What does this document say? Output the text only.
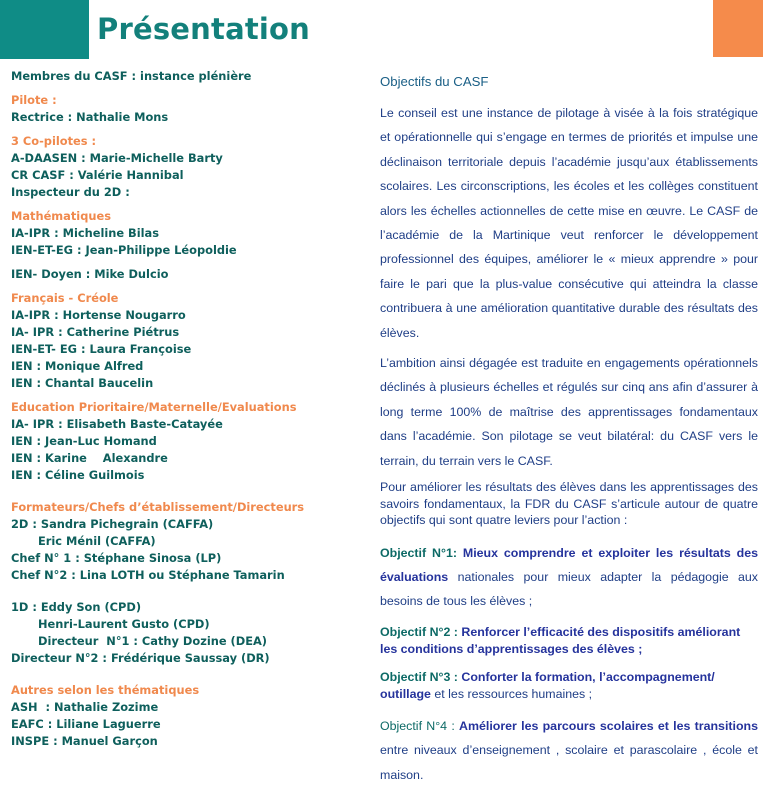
Présentation
Membres du CASF : instance plénière
Pilote :
Rectrice : Nathalie Mons
3 Co-pilotes :
A-DAASEN : Marie-Michelle Barty
CR CASF : Valérie Hannibal
Inspecteur du 2D :
Mathématiques
IA-IPR : Micheline Bilas
IEN-ET-EG : Jean-Philippe Léopoldie
IEN- Doyen : Mike Dulcio
Français - Créole
IA-IPR : Hortense Nougarro
IA- IPR : Catherine Piétrus
IEN-ET- EG : Laura Françoise
IEN : Monique Alfred
IEN : Chantal Baucelin
Education Prioritaire/Maternelle/Evaluations
IA- IPR : Elisabeth Baste-Catayée
IEN : Jean-Luc Homand
IEN : Karine    Alexandre
IEN : Céline Guilmois
Formateurs/Chefs d’établissement/Directeurs
2D : Sandra Pichegrain (CAFFA)
Eric Ménil (CAFFA)
Chef N° 1 : Stéphane Sinosa (LP)
Chef N°2 : Lina LOTH ou Stéphane Tamarin
1D : Eddy Son (CPD)
Henri-Laurent Gusto (CPD)
Directeur  N°1 : Cathy Dozine (DEA)
Directeur N°2 : Frédérique Saussay (DR)
Autres selon les thématiques
ASH  : Nathalie Zozime
EAFC : Liliane Laguerre
INSPE : Manuel Garçon
Objectifs du CASF

Le conseil est une instance de pilotage à visée à la fois stratégique et opérationnelle qui s’engage en termes de priorités et impulse une déclinaison territoriale depuis l’académie jusqu’aux établissements scolaires. Les circonscriptions, les écoles et les collèges constituent alors les échelles actionnelles de cette mise en œuvre. Le CASF de l’académie de la Martinique veut renforcer le développement professionnel des équipes, améliorer le « mieux apprendre » pour faire le pari que la plus-value consécutive qui atteindra la classe contribuera à une amélioration quantitative durable des résultats des élèves.

L’ambition ainsi dégagée est traduite en engagements opérationnels déclinés à plusieurs échelles et régulés sur cinq ans afin d’assurer à long terme 100% de maîtrise des apprentissages fondamentaux dans l’académie. Son pilotage se veut bilatéral: du CASF vers le terrain, du terrain vers le CASF.

Pour améliorer les résultats des élèves dans les apprentissages des savoirs fondamentaux, la FDR du CASF s’articule autour de quatre objectifs qui sont quatre leviers pour l’action :

Objectif N°1: Mieux comprendre et exploiter les résultats des évaluations nationales pour mieux adapter la pédagogie aux besoins de tous les élèves ;

Objectif N°2 : Renforcer l’efficacité des dispositifs améliorant les conditions d’apprentissages des élèves ;

Objectif N°3 : Conforter la formation, l’accompagnement/ outillage et les ressources humaines ;

Objectif N°4 : Améliorer les parcours scolaires et les transitions entre niveaux d’enseignement , scolaire et parascolaire , école et maison.
